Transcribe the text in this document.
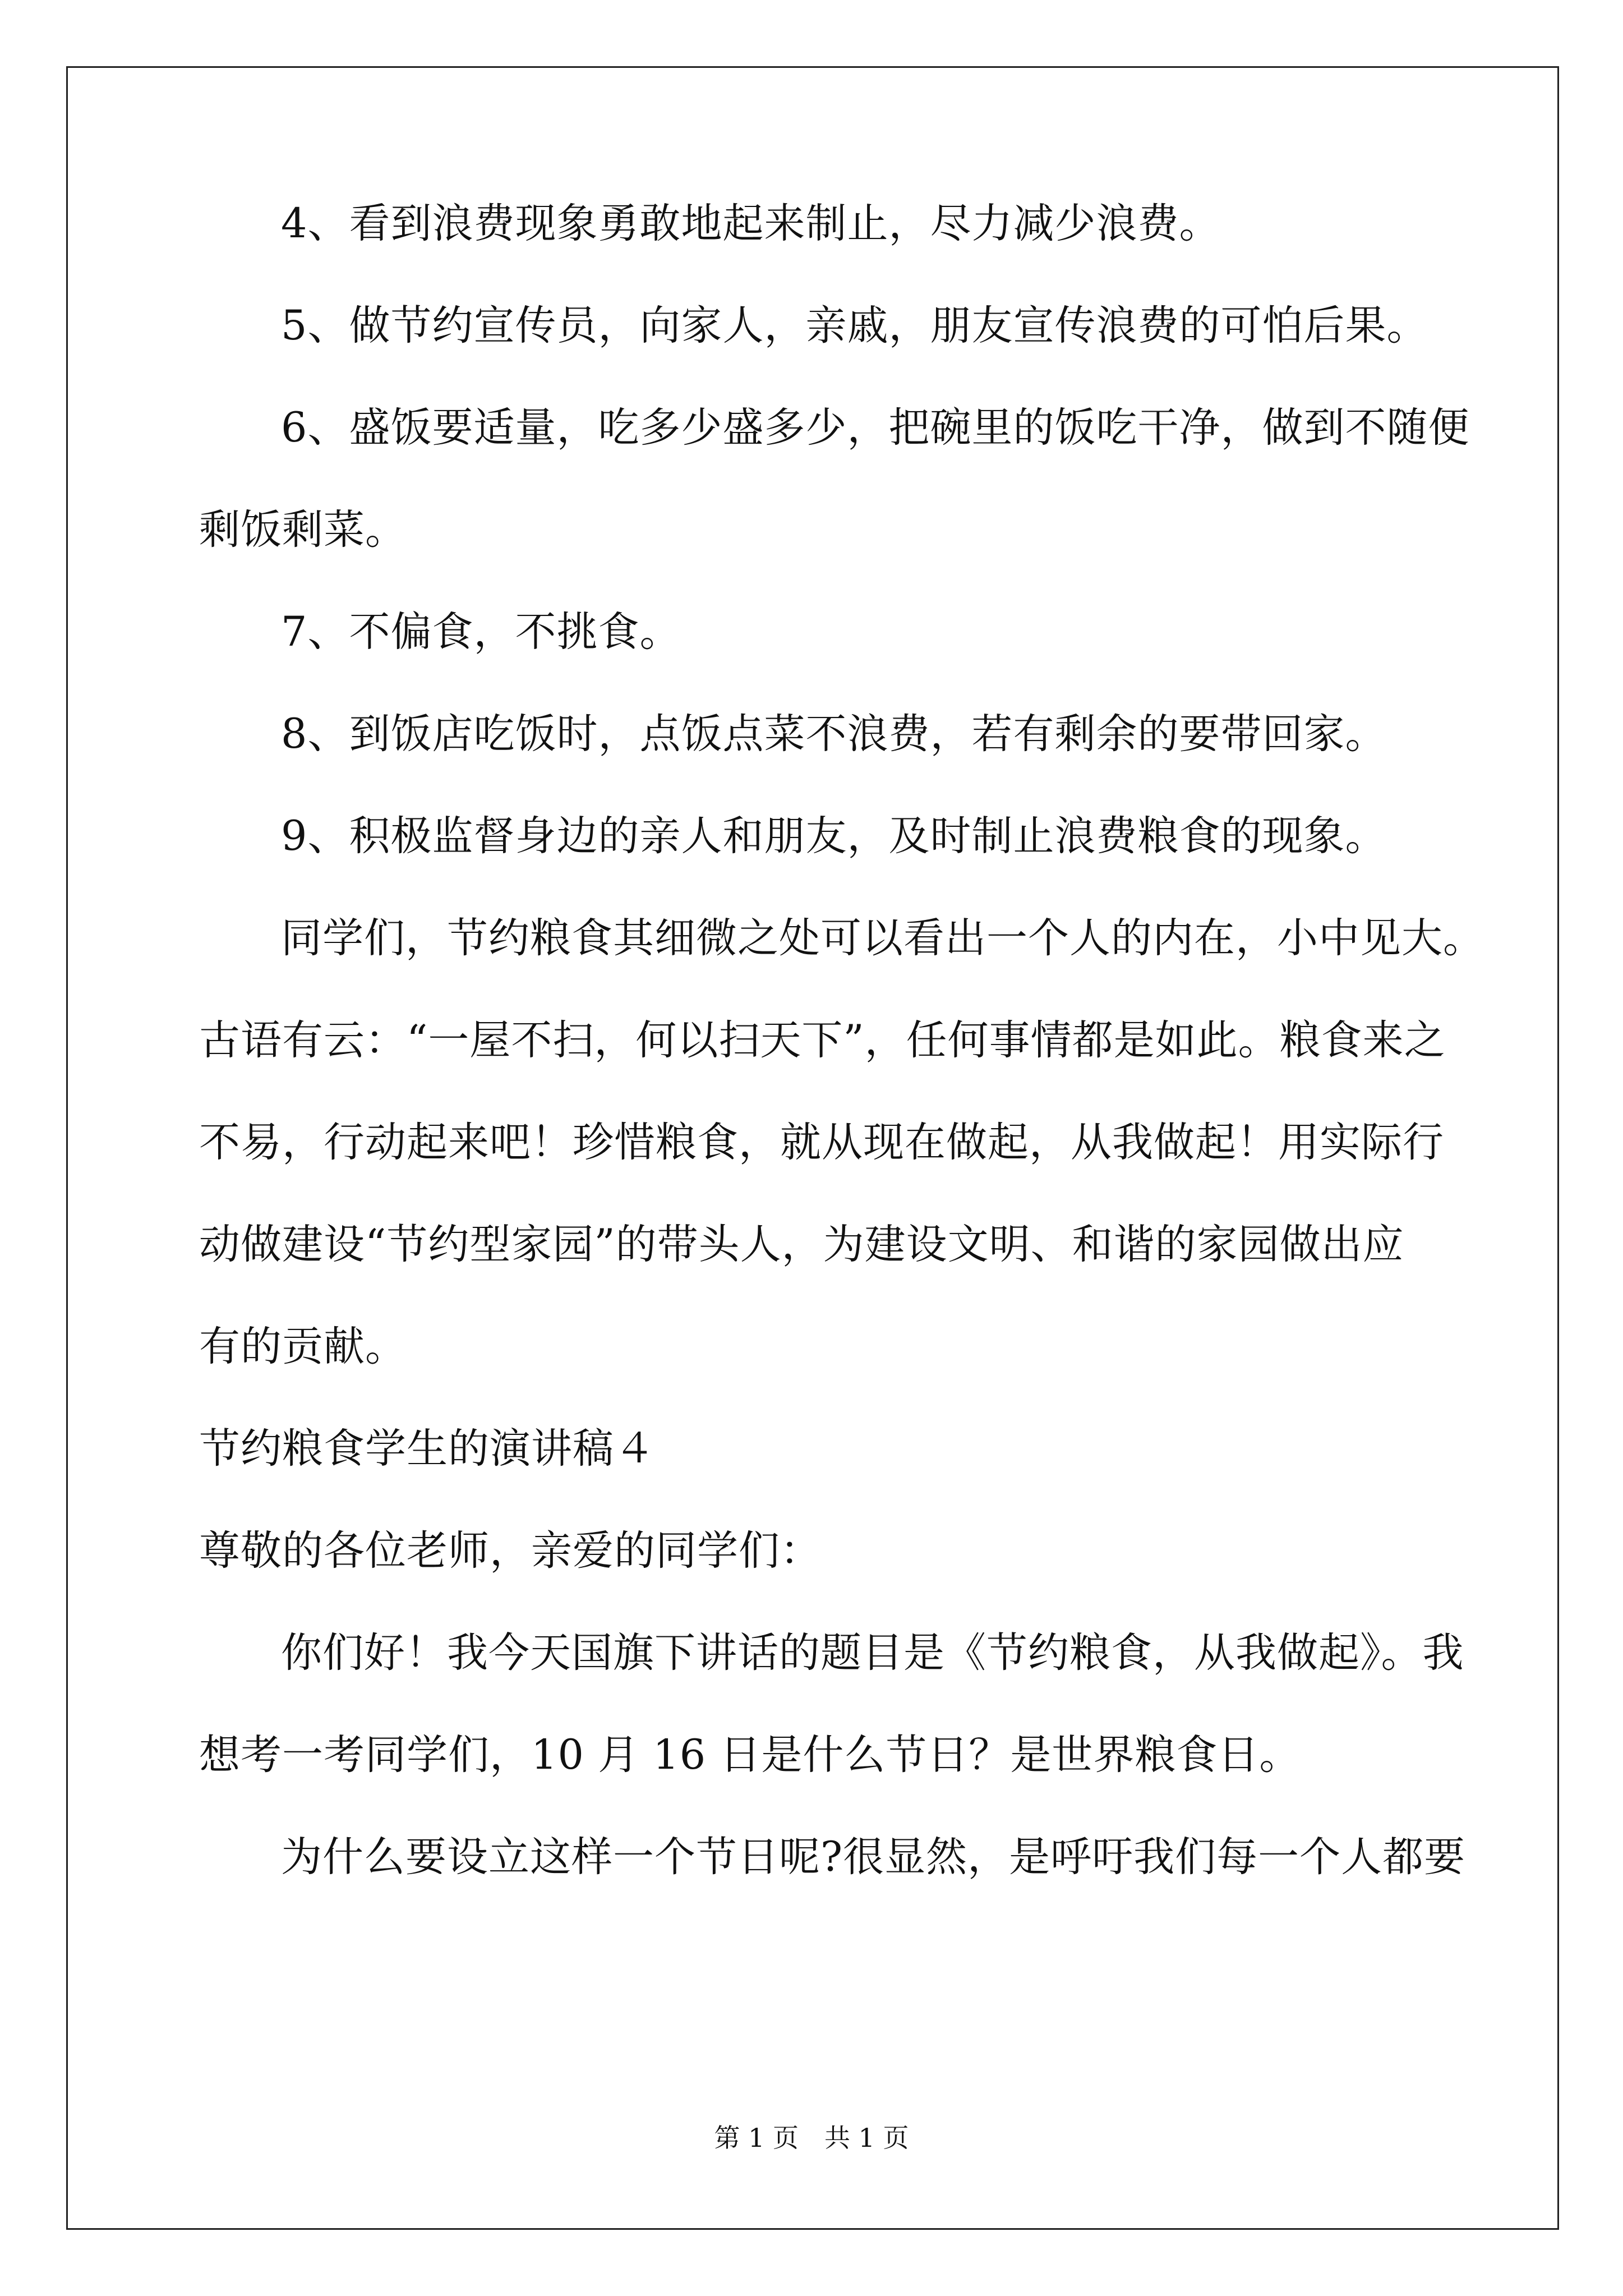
4、看到浪费现象勇敢地起来制止，尽力减少浪费。
5、做节约宣传员，向家人，亲戚，朋友宣传浪费的可怕后果。
6、盛饭要适量，吃多少盛多少，把碗里的饭吃干净，做到不随便
剩饭剩菜。
7、不偏食，不挑食。
8、到饭店吃饭时，点饭点菜不浪费，若有剩余的要带回家。
9、积极监督身边的亲人和朋友，及时制止浪费粮食的现象。
同学们，节约粮食其细微之处可以看出一个人的内在，小中见大。
古语有云：“一屋不扫，何以扫天下”，任何事情都是如此。粮食来之
不易，行动起来吧！珍惜粮食，就从现在做起，从我做起！用实际行
动做建设“节约型家园”的带头人，为建设文明、和谐的家园做出应
有的贡献。
节约粮食学生的演讲稿４
尊敬的各位老师，亲爱的同学们：
你们好！我今天国旗下讲话的题目是《节约粮食，从我做起》。我
想考一考同学们，10 月 16 日是什么节日？是世界粮食日。
为什么要设立这样一个节日呢?很显然，是呼吁我们每一个人都要
第 1 页　共 1 页
